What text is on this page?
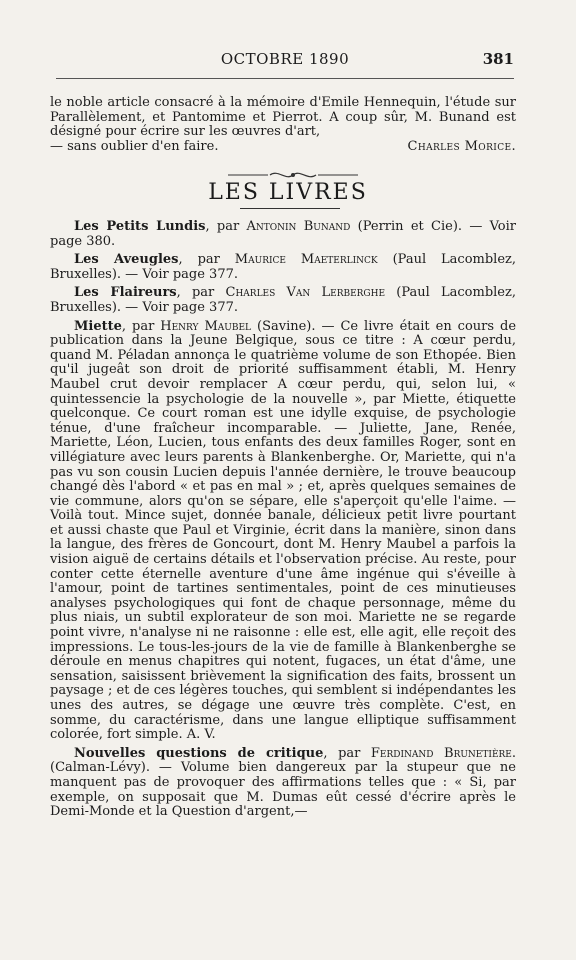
OCTOBRE 1890	381
le noble article consacré à la mémoire d'Emile Hennequin, l'étude sur Parallèlement, et Pantomime et Pierrot. A coup sûr, M. Bunand est désigné pour écrire sur les œuvres d'art,
— sans oublier d'en faire.	Charles Morice.
LES LIVRES

Les Petits Lundis, par Antonin Bunand (Perrin et Cie). — Voir page 380.

Les Aveugles, par Maurice Maeterlinck (Paul Lacomblez, Bruxelles). — Voir page 377.

Les Flaireurs, par Charles Van Lerberghe (Paul Lacomblez, Bruxelles). — Voir page 377.

Miette, par Henry Maubel (Savine). — Ce livre était en cours de publication dans la Jeune Belgique, sous ce titre : A cœur perdu, quand M. Péladan annonça le quatrième volume de son Ethopée. Bien qu'il jugeât son droit de priorité suffisamment établi, M. Henry Maubel crut devoir remplacer A cœur perdu, qui, selon lui, « quintessencie la psychologie de la nouvelle », par Miette, étiquette quelconque. Ce court roman est une idylle exquise, de psychologie ténue, d'une fraîcheur incomparable. — Juliette, Jane, Renée, Mariette, Léon, Lucien, tous enfants des deux familles Roger, sont en villégiature avec leurs parents à Blankenberghe. Or, Mariette, qui n'a pas vu son cousin Lucien depuis l'année dernière, le trouve beaucoup changé dès l'abord « et pas en mal » ; et, après quelques semaines de vie commune, alors qu'on se sépare, elle s'aperçoit qu'elle l'aime. — Voilà tout. Mince sujet, donnée banale, délicieux petit livre pourtant et aussi chaste que Paul et Virginie, écrit dans la manière, sinon dans la langue, des frères de Goncourt, dont M. Henry Maubel a parfois la vision aiguë de certains détails et l'observation précise. Au reste, pour conter cette éternelle aventure d'une âme ingénue qui s'éveille à l'amour, point de tartines sentimentales, point de ces minutieuses analyses psychologiques qui font de chaque personnage, même du plus niais, un subtil explorateur de son moi. Mariette ne se regarde point vivre, n'analyse ni ne raisonne : elle est, elle agit, elle reçoit des impressions. Le tous-les-jours de la vie de famille à Blankenberghe se déroule en menus chapitres qui notent, fugaces, un état d'âme, une sensation, saisissent brièvement la signification des faits, brossent un paysage ; et de ces légères touches, qui semblent si indépendantes les unes des autres, se dégage une œuvre très complète. C'est, en somme, du caractérisme, dans une langue elliptique suffisamment colorée, fort simple. A. V.

Nouvelles questions de critique, par Ferdinand Brunetière. (Calman-Lévy). — Volume bien dangereux par la stupeur que ne manquent pas de provoquer des affirmations telles que : « Si, par exemple, on supposait que M. Dumas eût cessé d'écrire après le Demi-Monde et la Question d'argent,—
